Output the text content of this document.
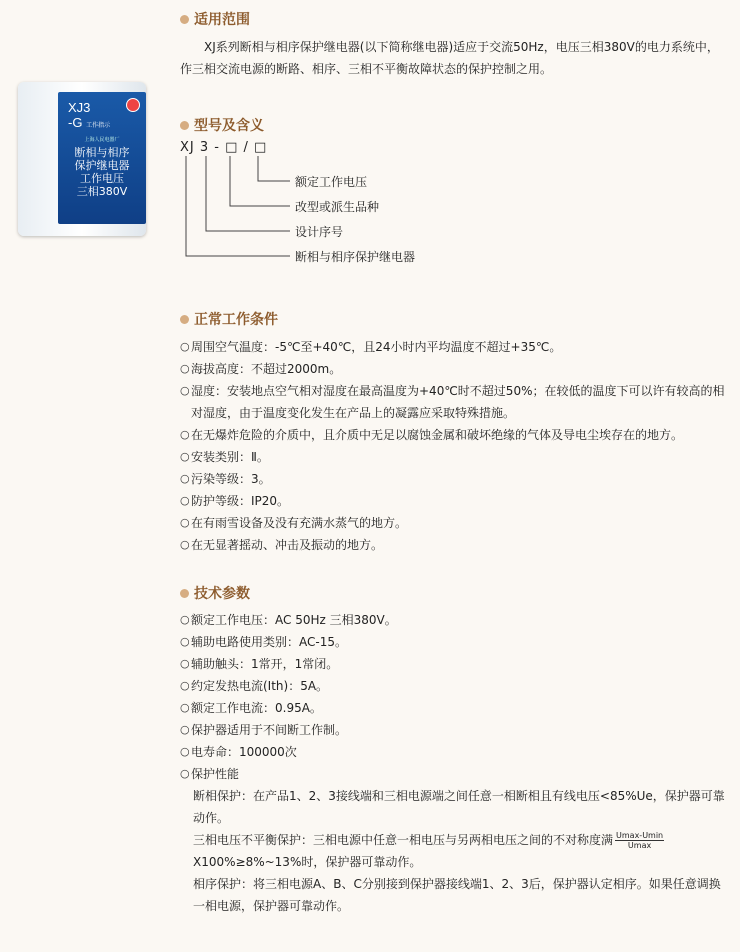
适用范围
XJ系列断相与相序保护继电器(以下简称继电器)适应于交流50Hz，电压三相380V的电力系统中，作三相交流电源的断路、相序、三相不平衡故障状态的保护控制之用。
XJ3
-G 工作指示
上海人民电器厂
断相与相序
保护继电器
工作电压
三相380V
型号及含义
XJ 3 - □ / □
额定工作电压
改型或派生品种
设计序号
断相与相序保护继电器
正常工作条件
○ 周围空气温度：-5℃至+40℃，且24小时内平均温度不超过+35℃。
○ 海拔高度：不超过2000m。
○ 湿度：安装地点空气相对湿度在最高温度为+40℃时不超过50%；在较低的温度下可以许有较高的相对湿度，由于温度变化发生在产品上的凝露应采取特殊措施。
○ 在无爆炸危险的介质中，且介质中无足以腐蚀金属和破坏绝缘的气体及导电尘埃存在的地方。
○ 安装类别：Ⅱ。
○ 污染等级：3。
○ 防护等级：IP20。
○ 在有雨雪设备及没有充满水蒸气的地方。
○ 在无显著摇动、冲击及振动的地方。
技术参数
○ 额定工作电压：AC 50Hz 三相380V。
○ 辅助电路使用类别：AC-15。
○ 辅助触头：1常开，1常闭。
○ 约定发热电流(Ith)：5A。
○ 额定工作电流：0.95A。
○ 保护器适用于不间断工作制。
○ 电寿命：100000次
○ 保护性能
断相保护：在产品1、2、3接线端和三相电源端之间任意一相断相且有线电压<85%Ue，保护器可靠动作。
三相电压不平衡保护：三相电源中任意一相电压与另两相电压之间的不对称度满 $\frac{Umax-Umin}{Umax}$
X100%≥8%~13%时，保护器可靠动作。
相序保护：将三相电源A、B、C分别接到保护器接线端1、2、3后，保护器认定相序。如果任意调换一相电源，保护器可靠动作。
